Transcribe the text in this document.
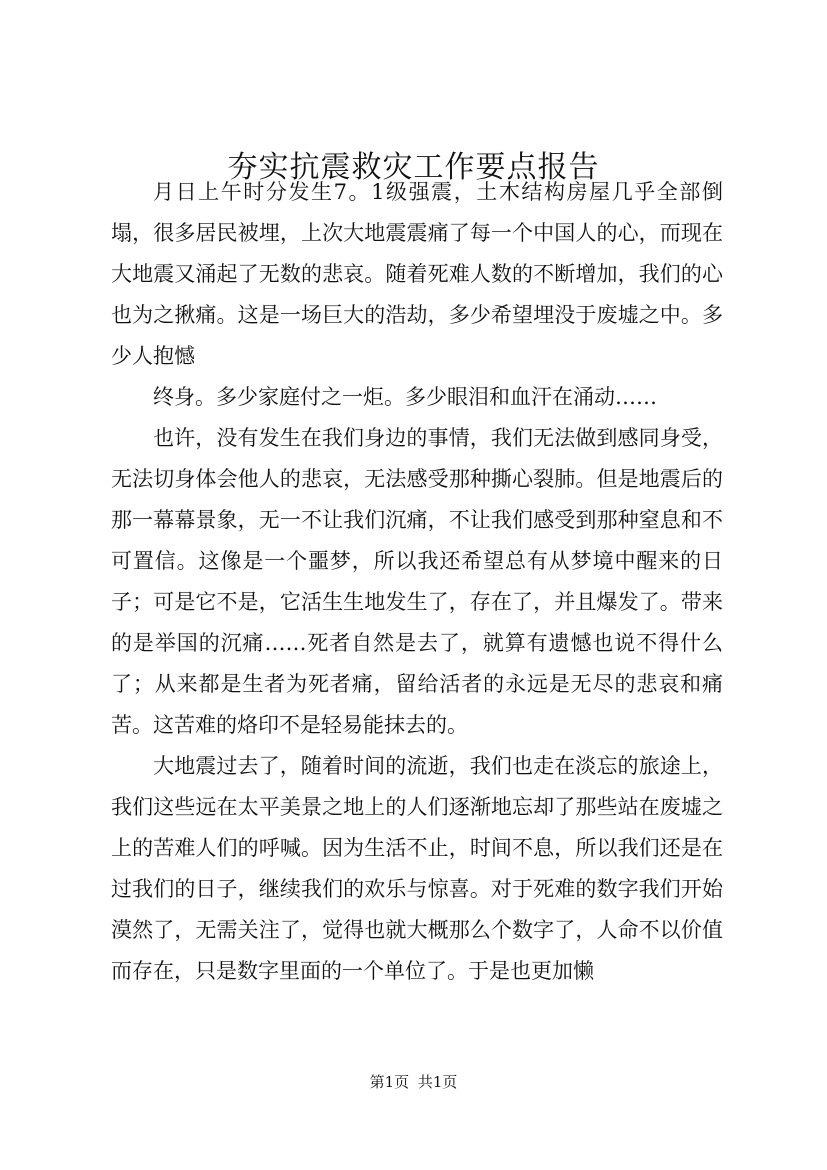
夯实抗震救灾工作要点报告

月日上午时分发生7。1级强震，土木结构房屋几乎全部倒塌，很多居民被埋，上次大地震震痛了每一个中国人的心，而现在大地震又涌起了无数的悲哀。随着死难人数的不断增加，我们的心也为之揪痛。这是一场巨大的浩劫，多少希望埋没于废墟之中。多少人抱憾

终身。多少家庭付之一炬。多少眼泪和血汗在涌动……

也许，没有发生在我们身边的事情，我们无法做到感同身受，无法切身体会他人的悲哀，无法感受那种撕心裂肺。但是地震后的那一幕幕景象，无一不让我们沉痛，不让我们感受到那种窒息和不可置信。这像是一个噩梦，所以我还希望总有从梦境中醒来的日子；可是它不是，它活生生地发生了，存在了，并且爆发了。带来的是举国的沉痛……死者自然是去了，就算有遗憾也说不得什么了；从来都是生者为死者痛，留给活者的永远是无尽的悲哀和痛苦。这苦难的烙印不是轻易能抹去的。

大地震过去了，随着时间的流逝，我们也走在淡忘的旅途上，我们这些远在太平美景之地上的人们逐渐地忘却了那些站在废墟之上的苦难人们的呼喊。因为生活不止，时间不息，所以我们还是在过我们的日子，继续我们的欢乐与惊喜。对于死难的数字我们开始漠然了，无需关注了，觉得也就大概那么个数字了，人命不以价值而存在，只是数字里面的一个单位了。于是也更加懒

第1页 共1页
